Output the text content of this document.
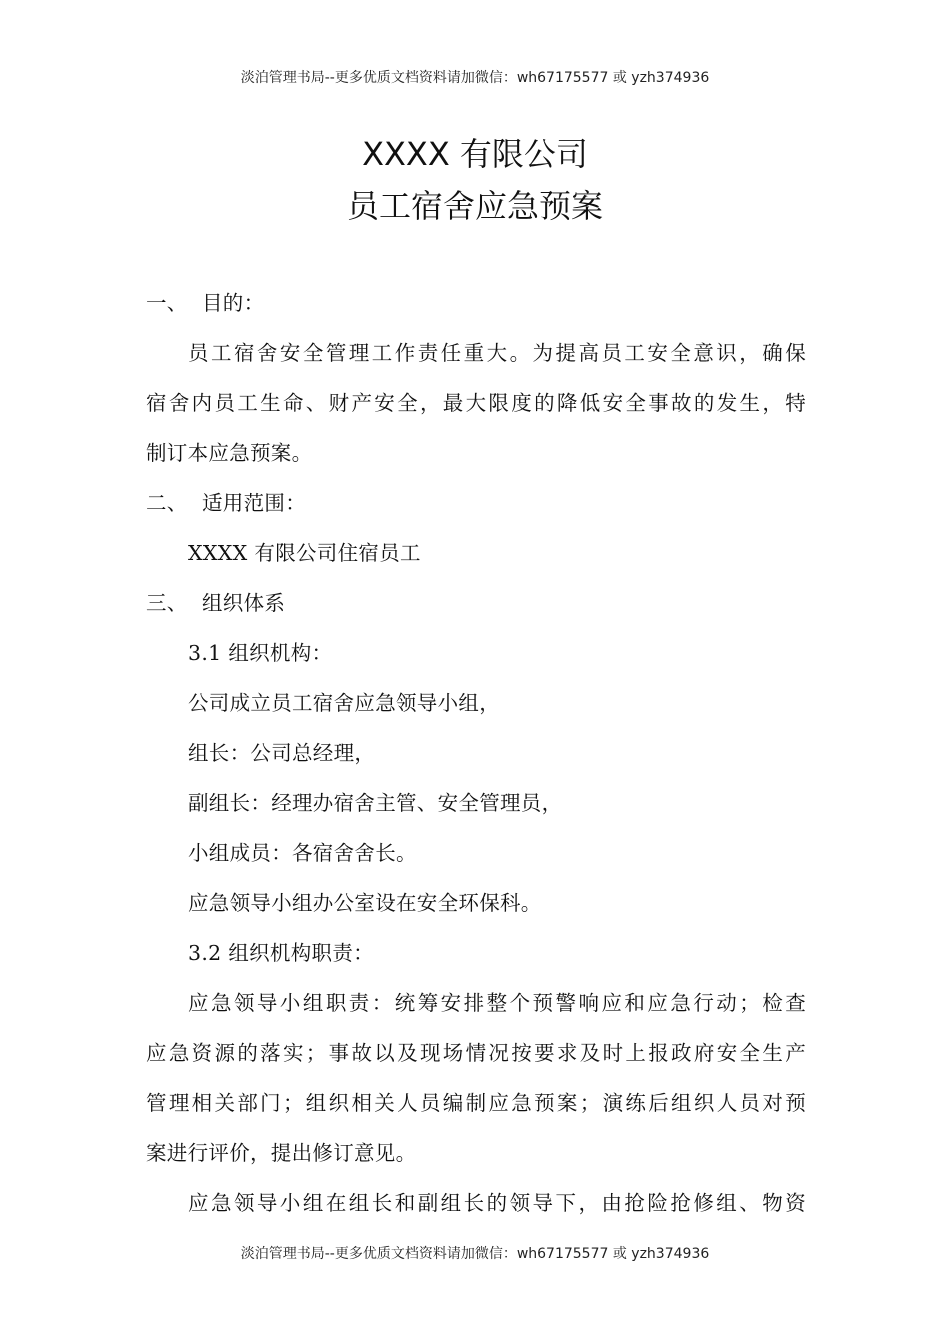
淡泊管理书局--更多优质文档资料请加微信：wh67175577 或 yzh374936
XXXX 有限公司
员工宿舍应急预案
一、 目的：
员工宿舍安全管理工作责任重大。为提高员工安全意识，确保
宿舍内员工生命、财产安全，最大限度的降低安全事故的发生，特
制订本应急预案。
二、 适用范围：
XXXX 有限公司住宿员工
三、 组织体系
3.1 组织机构：
公司成立员工宿舍应急领导小组，
组长：公司总经理，
副组长：经理办宿舍主管、安全管理员，
小组成员：各宿舍舍长。
应急领导小组办公室设在安全环保科。
3.2 组织机构职责：
应急领导小组职责：统筹安排整个预警响应和应急行动；检查
应急资源的落实；事故以及现场情况按要求及时上报政府安全生产
管理相关部门；组织相关人员编制应急预案；演练后组织人员对预
案进行评价，提出修订意见。
应急领导小组在组长和副组长的领导下，由抢险抢修组、物资
淡泊管理书局--更多优质文档资料请加微信：wh67175577 或 yzh374936
